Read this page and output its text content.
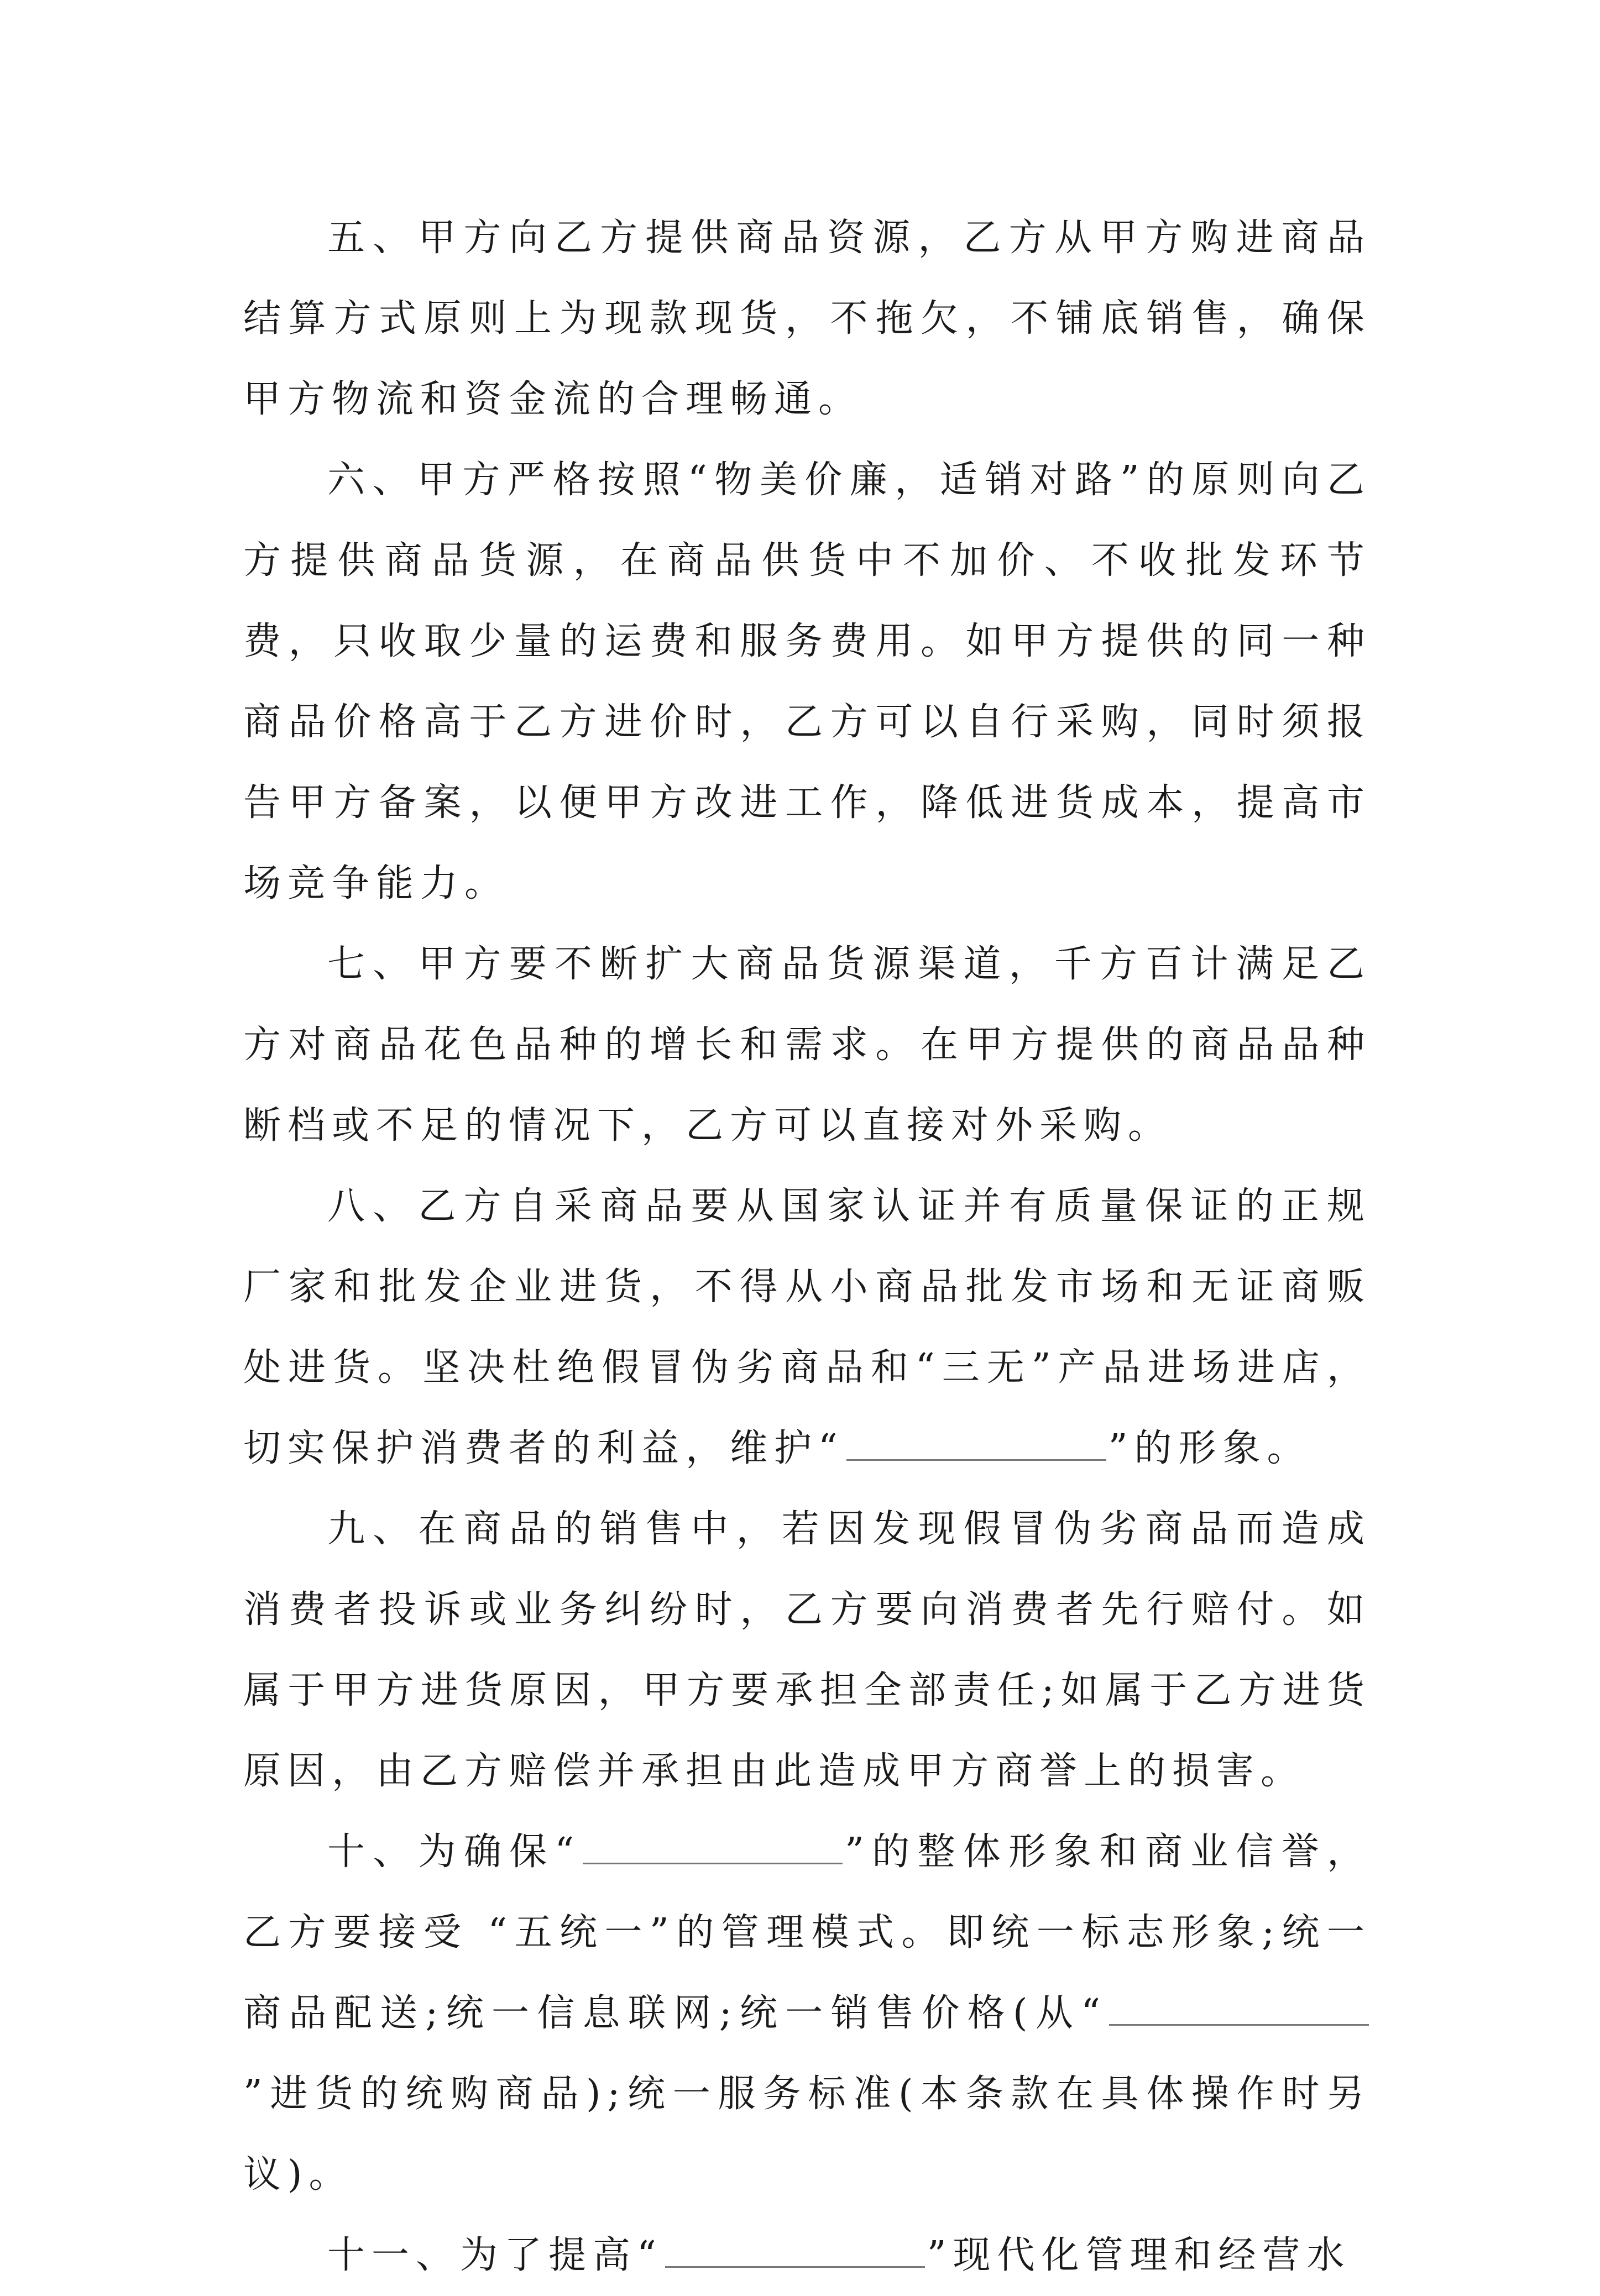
五、甲方向乙方提供商品资源，乙方从甲方购进商品结算方式原则上为现款现货，不拖欠，不铺底销售，确保甲方物流和资金流的合理畅通。

六、甲方严格按照“物美价廉，适销对路”的原则向乙方提供商品货源，在商品供货中不加价、不收批发环节费，只收取少量的运费和服务费用。如甲方提供的同一种商品价格高于乙方进价时，乙方可以自行采购，同时须报告甲方备案，以便甲方改进工作，降低进货成本，提高市场竞争能力。

七、甲方要不断扩大商品货源渠道，千方百计满足乙方对商品花色品种的增长和需求。在甲方提供的商品品种断档或不足的情况下，乙方可以直接对外采购。

八、乙方自采商品要从国家认证并有质量保证的正规厂家和批发企业进货，不得从小商品批发市场和无证商贩处进货。坚决杜绝假冒伪劣商品和“三无”产品进场进店，切实保护消费者的利益，维护“	”的形象。

九、在商品的销售中，若因发现假冒伪劣商品而造成消费者投诉或业务纠纷时，乙方要向消费者先行赔付。如属于甲方进货原因，甲方要承担全部责任;如属于乙方进货原因，由乙方赔偿并承担由此造成甲方商誉上的损害。

十、为确保“	”的整体形象和商业信誉，乙方要接受 “五统一”的管理模式。即统一标志形象;统一商品配送;统一信息联网;统一销售价格(从“”进货的统购商品);统一服务标准(本条款在具体操作时另议)。

十一、为了提高“	”现代化管理和经营水
